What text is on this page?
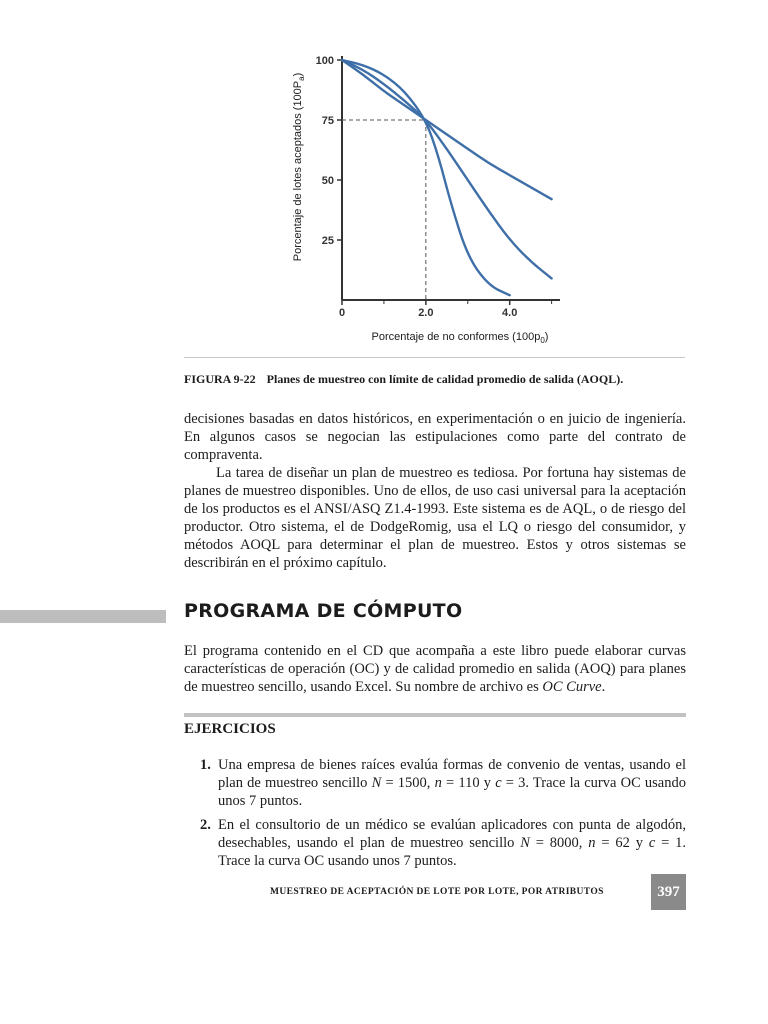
100
75
50
25
0	2.0	4.0
Porcentaje de lotes aceptados $(100P_a)$
Porcentaje de no conformes $(100p_0)$
FIGURA 9-22 Planes de muestreo con límite de calidad promedio de salida (AOQL).

decisiones basadas en datos históricos, en experimentación o en juicio de ingeniería. En algunos casos se negocian las estipulaciones como parte del contrato de compraventa.

La tarea de diseñar un plan de muestreo es tediosa. Por fortuna hay sistemas de planes de muestreo disponibles. Uno de ellos, de uso casi universal para la aceptación de los productos es el ANSI/ASQ Z1.4-1993. Este sistema es de AQL, o de riesgo del productor. Otro sistema, el de DodgeRomig, usa el LQ o riesgo del consumidor, y métodos AOQL para determinar el plan de muestreo. Estos y otros sistemas se describirán en el próximo capítulo.

PROGRAMA DE CÓMPUTO
El programa contenido en el CD que acompaña a este libro puede elaborar curvas características de operación (OC) y de calidad promedio en salida (AOQ) para planes de muestreo sencillo, usando Excel. Su nombre de archivo es OC Curve.
EJERCICIOS
1. Una empresa de bienes raíces evalúa formas de convenio de ventas, usando el plan de muestreo sencillo N = 1500, n = 110 y c = 3. Trace la curva OC usando unos 7 puntos.
2. En el consultorio de un médico se evalúan aplicadores con punta de algodón, desechables, usando el plan de muestreo sencillo N = 8000, n = 62 y c = 1. Trace la curva OC usando unos 7 puntos.
MUESTREO DE ACEPTACIÓN DE LOTE POR LOTE, POR ATRIBUTOS	397
